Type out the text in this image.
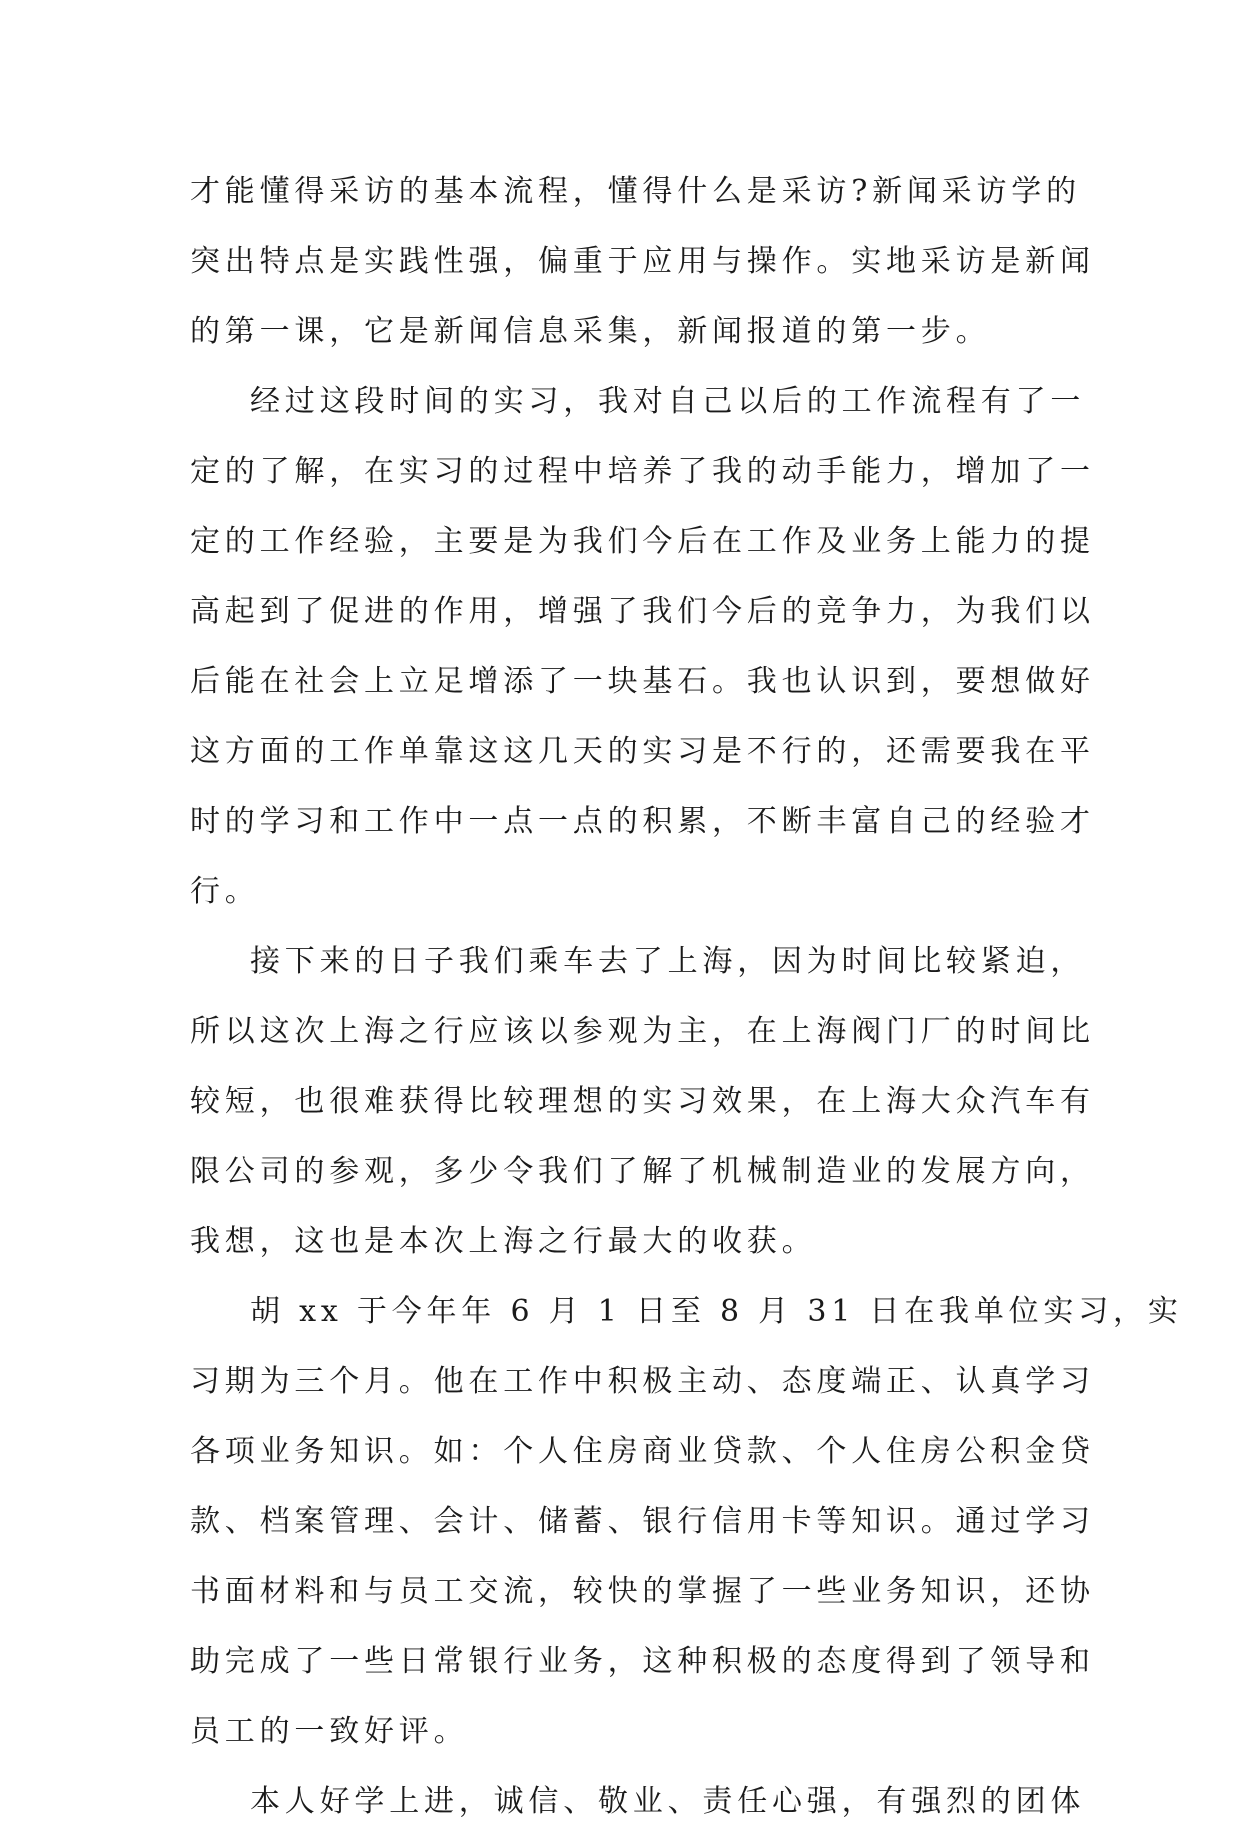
才能懂得采访的基本流程，懂得什么是采访?新闻采访学的
突出特点是实践性强，偏重于应用与操作。实地采访是新闻
的第一课，它是新闻信息采集，新闻报道的第一步。
经过这段时间的实习，我对自己以后的工作流程有了一
定的了解，在实习的过程中培养了我的动手能力，增加了一
定的工作经验，主要是为我们今后在工作及业务上能力的提
高起到了促进的作用，增强了我们今后的竞争力，为我们以
后能在社会上立足增添了一块基石。我也认识到，要想做好
这方面的工作单靠这这几天的实习是不行的，还需要我在平
时的学习和工作中一点一点的积累，不断丰富自己的经验才
行。
接下来的日子我们乘车去了上海，因为时间比较紧迫，
所以这次上海之行应该以参观为主，在上海阀门厂的时间比
较短，也很难获得比较理想的实习效果，在上海大众汽车有
限公司的参观，多少令我们了解了机械制造业的发展方向，
我想，这也是本次上海之行最大的收获。
胡 xx 于今年年 6 月 1 日至 8 月 31 日在我单位实习，实
习期为三个月。他在工作中积极主动、态度端正、认真学习
各项业务知识。如：个人住房商业贷款、个人住房公积金贷
款、档案管理、会计、储蓄、银行信用卡等知识。通过学习
书面材料和与员工交流，较快的掌握了一些业务知识，还协
助完成了一些日常银行业务，这种积极的态度得到了领导和
员工的一致好评。
本人好学上进，诚信、敬业、责任心强，有强烈的团体
